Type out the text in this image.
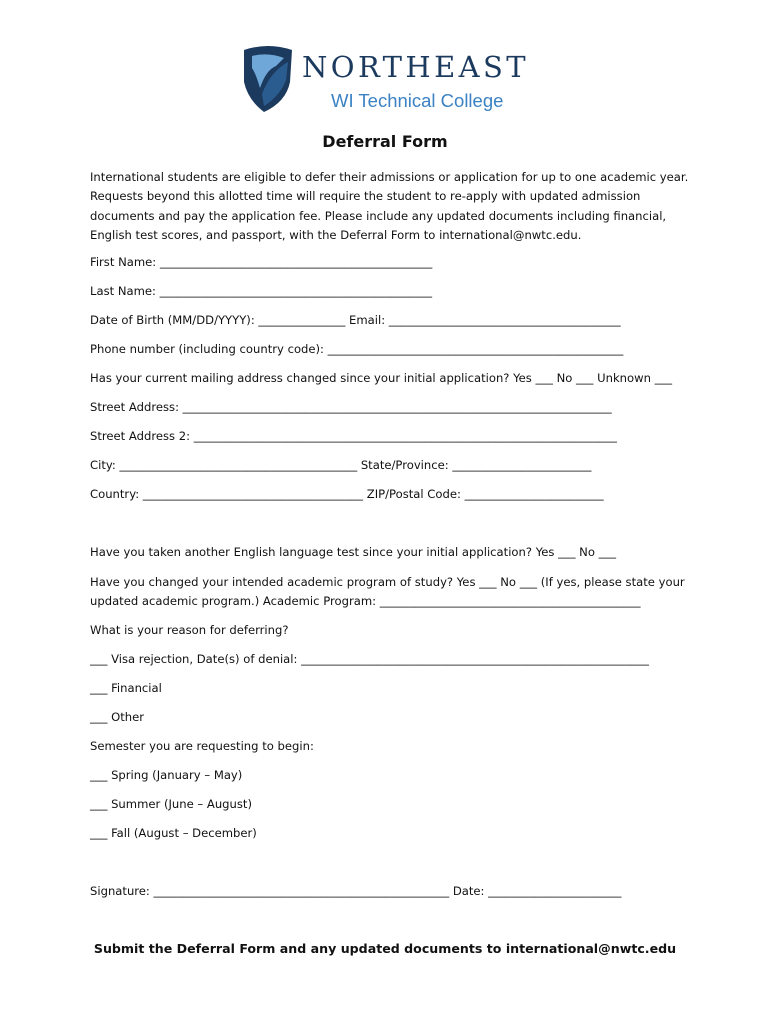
NORTHEAST
WI Technical College
Deferral Form
International students are eligible to defer their admissions or application for up to one academic year.
Requests beyond this allotted time will require the student to re-apply with updated admission
documents and pay the application fee. Please include any updated documents including financial,
English test scores, and passport, with the Deferral Form to international@nwtc.edu.
First Name: _______________________________________________
Last Name: _______________________________________________
Date of Birth (MM/DD/YYYY): _______________ Email: ________________________________________
Phone number (including country code): ___________________________________________________
Has your current mailing address changed since your initial application? Yes ___ No ___ Unknown ___
Street Address: __________________________________________________________________________
Street Address 2: _________________________________________________________________________
City: _________________________________________ State/Province: ________________________
Country: ______________________________________ ZIP/Postal Code: ________________________
Have you taken another English language test since your initial application? Yes ___ No ___
Have you changed your intended academic program of study? Yes ___ No ___ (If yes, please state your
updated academic program.) Academic Program: _____________________________________________
What is your reason for deferring?
___ Visa rejection, Date(s) of denial: ____________________________________________________________
___ Financial
___ Other
Semester you are requesting to begin:
___ Spring (January – May)
___ Summer (June – August)
___ Fall (August – December)
Signature: ___________________________________________________ Date: _______________________
Submit the Deferral Form and any updated documents to international@nwtc.edu
